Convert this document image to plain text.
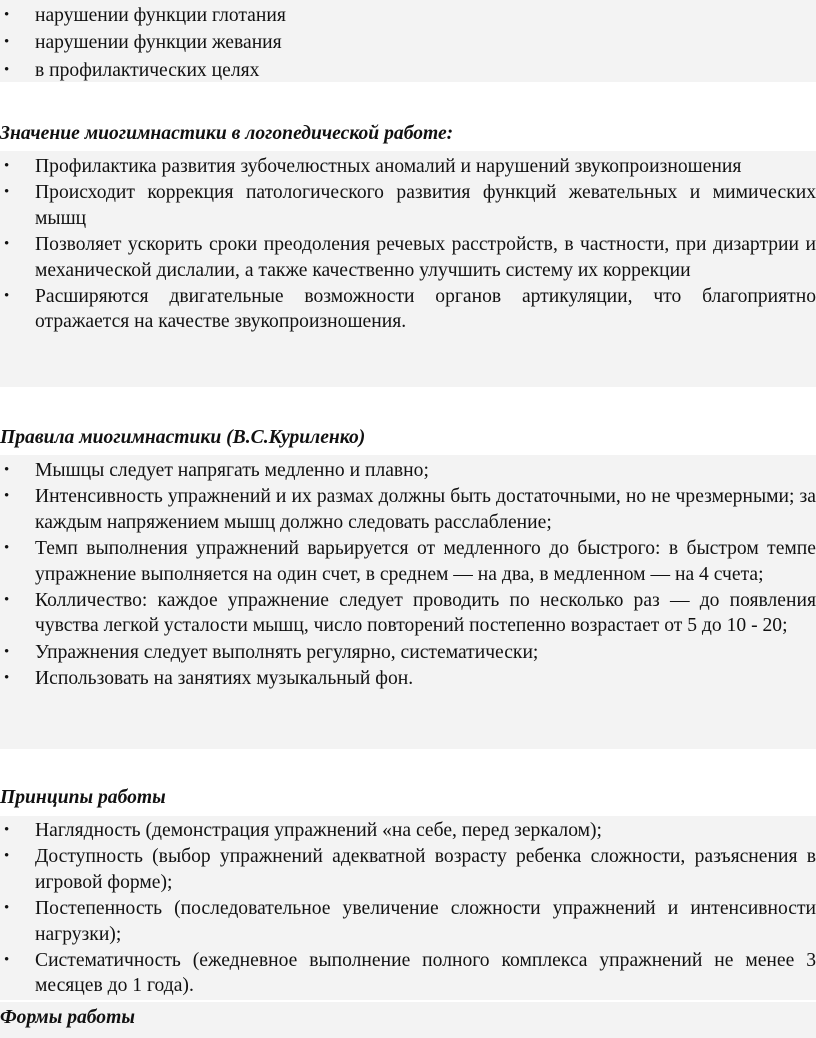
• нарушении функции глотания
• нарушении функции жевания
• в профилактических целях
Значение миогимнастики в логопедической работе:
• Профилактика развития зубочелюстных аномалий и нарушений звукопроизношения
• Происходит коррекция патологического развития функций жевательных и мимических мышц
• Позволяет ускорить сроки преодоления речевых расстройств, в частности, при дизартрии и механической дислалии, а также качественно улучшить систему их коррекции
• Расширяются двигательные возможности органов артикуляции, что благоприятно отражается на качестве звукопроизношения.
Правила миогимнастики (В.С.Куриленко)
• Мышцы следует напрягать медленно и плавно;
• Интенсивность упражнений и их размах должны быть достаточными, но не чрезмерными; за каждым напряжением мышц должно следовать расслабление;
• Темп выполнения упражнений варьируется от медленного до быстрого: в быстром темпе упражнение выполняется на один счет, в среднем — на два, в медленном — на 4 счета;
• Колличество: каждое упражнение следует проводить по несколько раз — до появления чувства легкой усталости мышц, число повторений постепенно возрастает от 5 до 10 - 20;
• Упражнения следует выполнять регулярно, систематически;
• Использовать на занятиях музыкальный фон.
Принципы работы
• Наглядность (демонстрация упражнений «на себе, перед зеркалом);
• Доступность (выбор упражнений адекватной возрасту ребенка сложности, разъяснения в игровой форме);
• Постепенность (последовательное увеличение сложности упражнений и интенсивности нагрузки);
• Систематичность (ежедневное выполнение полного комплекса упражнений не менее 3 месяцев до 1 года).
Формы работы
